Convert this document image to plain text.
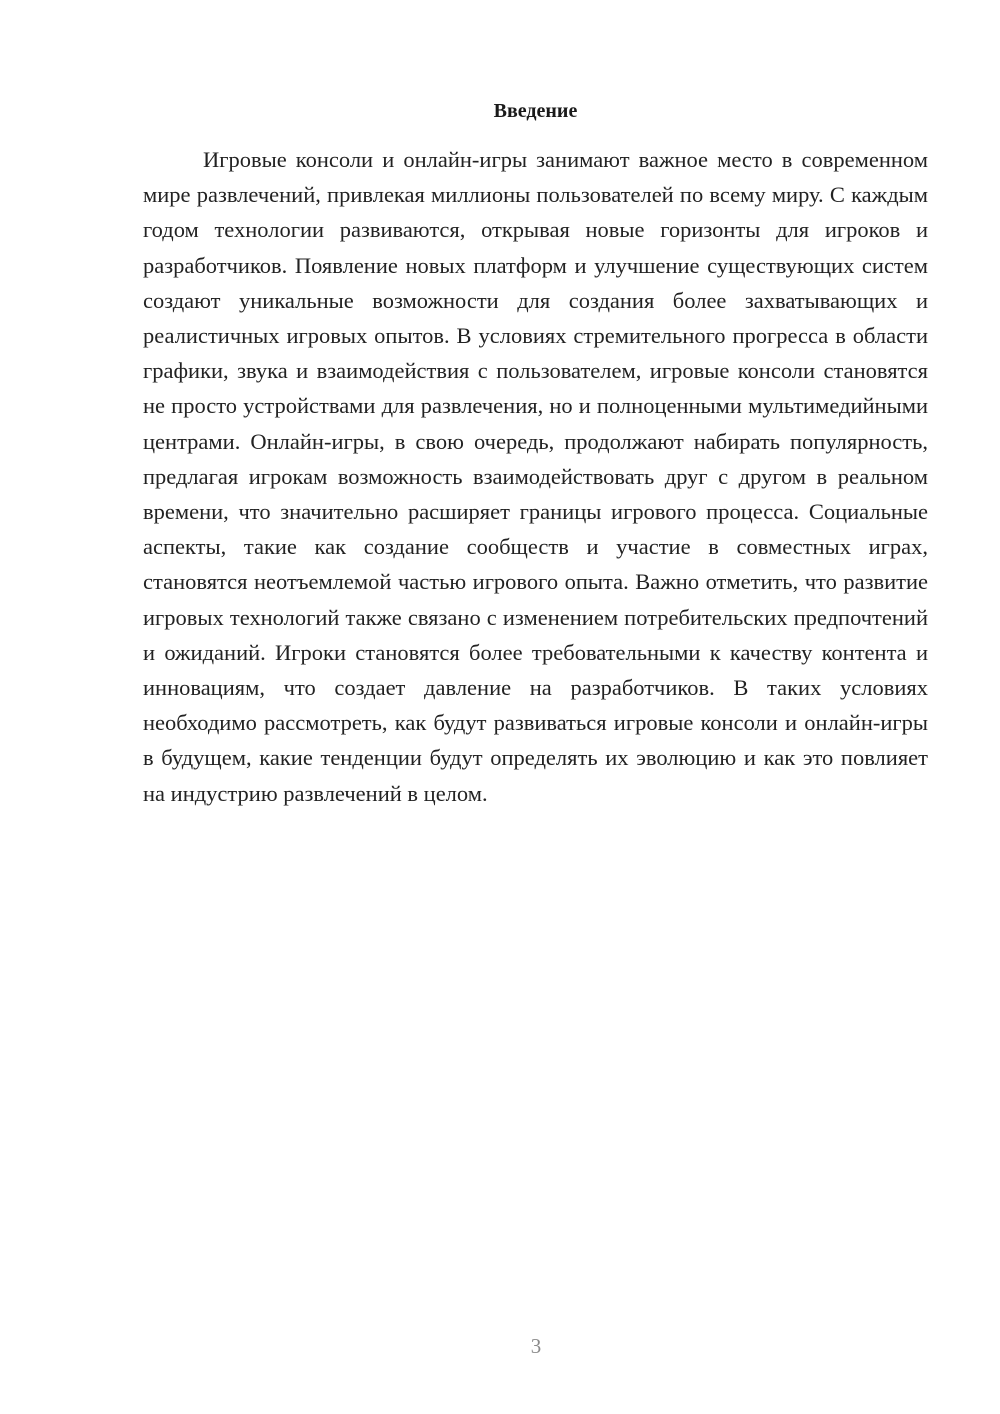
Введение

Игровые консоли и онлайн-игры занимают важное место в современном мире развлечений, привлекая миллионы пользователей по всему миру. С каждым годом технологии развиваются, открывая новые горизонты для игроков и разработчиков. Появление новых платформ и улучшение существующих систем создают уникальные возможности для создания более захватывающих и реалистичных игровых опытов. В условиях стремительного прогресса в области графики, звука и взаимодействия с пользователем, игровые консоли становятся не просто устройствами для развлечения, но и полноценными мультимедийными центрами. Онлайн-игры, в свою очередь, продолжают набирать популярность, предлагая игрокам возможность взаимодействовать друг с другом в реальном времени, что значительно расширяет границы игрового процесса. Социальные аспекты, такие как создание сообществ и участие в совместных играх, становятся неотъемлемой частью игрового опыта. Важно отметить, что развитие игровых технологий также связано с изменением потребительских предпочтений и ожиданий. Игроки становятся более требовательными к качеству контента и инновациям, что создает давление на разработчиков. В таких условиях необходимо рассмотреть, как будут развиваться игровые консоли и онлайн-игры в будущем, какие тенденции будут определять их эволюцию и как это повлияет на индустрию развлечений в целом.

3
